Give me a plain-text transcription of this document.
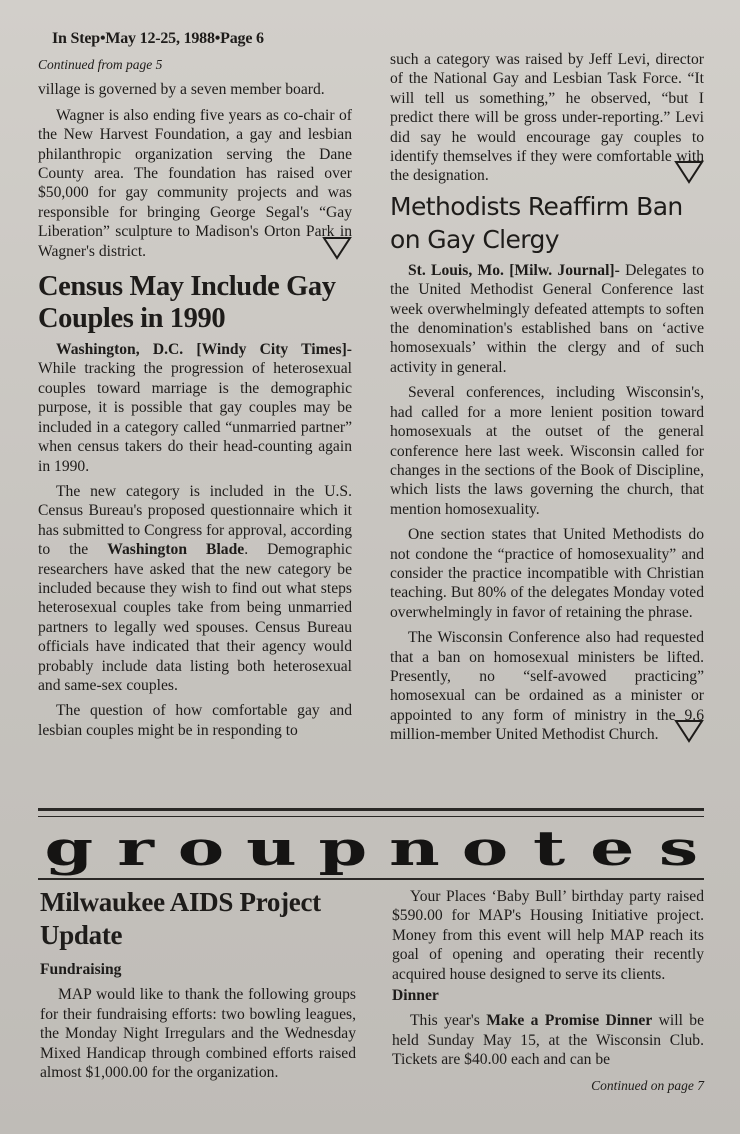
In Step•May 12-25, 1988•Page 6

Continued from page 5

village is governed by a seven member board.

Wagner is also ending five years as co-chair of the New Harvest Foundation, a gay and lesbian philanthropic organization serving the Dane County area. The foundation has raised over $50,000 for gay community projects and was responsible for bringing George Segal's “Gay Liberation” sculpture to Madison's Orton Park in Wagner's district.

Census May Include Gay Couples in 1990

Washington, D.C. [Windy City Times]- While tracking the progression of heterosexual couples toward marriage is the demographic purpose, it is possible that gay couples may be included in a category called “unmarried partner” when census takers do their head-counting again in 1990.

The new category is included in the U.S. Census Bureau's proposed questionnaire which it has submitted to Congress for approval, according to the Washington Blade. Demographic researchers have asked that the new category be included because they wish to find out what steps heterosexual couples take from being unmarried partners to legally wed spouses. Census Bureau officials have indicated that their agency would probably include data listing both heterosexual and same-sex couples.

The question of how comfortable gay and lesbian couples might be in responding to

such a category was raised by Jeff Levi, director of the National Gay and Lesbian Task Force. “It will tell us something,” he observed, “but I predict there will be gross under-reporting.” Levi did say he would encourage gay couples to identify themselves if they were comfortable with the designation.

Methodists Reaffirm Ban on Gay Clergy

St. Louis, Mo. [Milw. Journal]- Delegates to the United Methodist General Conference last week overwhelmingly defeated attempts to soften the denomination's established bans on ‘active homosexuals’ within the clergy and of such activity in general.

Several conferences, including Wisconsin's, had called for a more lenient position toward homosexuals at the outset of the general conference here last week. Wisconsin called for changes in the sections of the Book of Discipline, which lists the laws governing the church, that mention homosexuality.

One section states that United Methodists do not condone the “practice of homosexuality” and consider the practice incompatible with Christian teaching. But 80% of the delegates Monday voted overwhelmingly in favor of retaining the phrase.

The Wisconsin Conference also had requested that a ban on homosexual ministers be lifted. Presently, no “self-avowed practicing” homosexual can be ordained as a minister or appointed to any form of ministry in the 9.6 million-member United Methodist Church.

g r o u p n o t e s
Milwaukee AIDS Project Update

Fundraising

MAP would like to thank the following groups for their fundraising efforts: two bowling leagues, the Monday Night Irregulars and the Wednesday Mixed Handicap through combined efforts raised almost $1,000.00 for the organization.

Your Places ‘Baby Bull’ birthday party raised $590.00 for MAP's Housing Initiative project. Money from this event will help MAP reach its goal of opening and operating their recently acquired house designed to serve its clients.

Dinner

This year's Make a Promise Dinner will be held Sunday May 15, at the Wisconsin Club. Tickets are $40.00 each and can be

Continued on page 7
